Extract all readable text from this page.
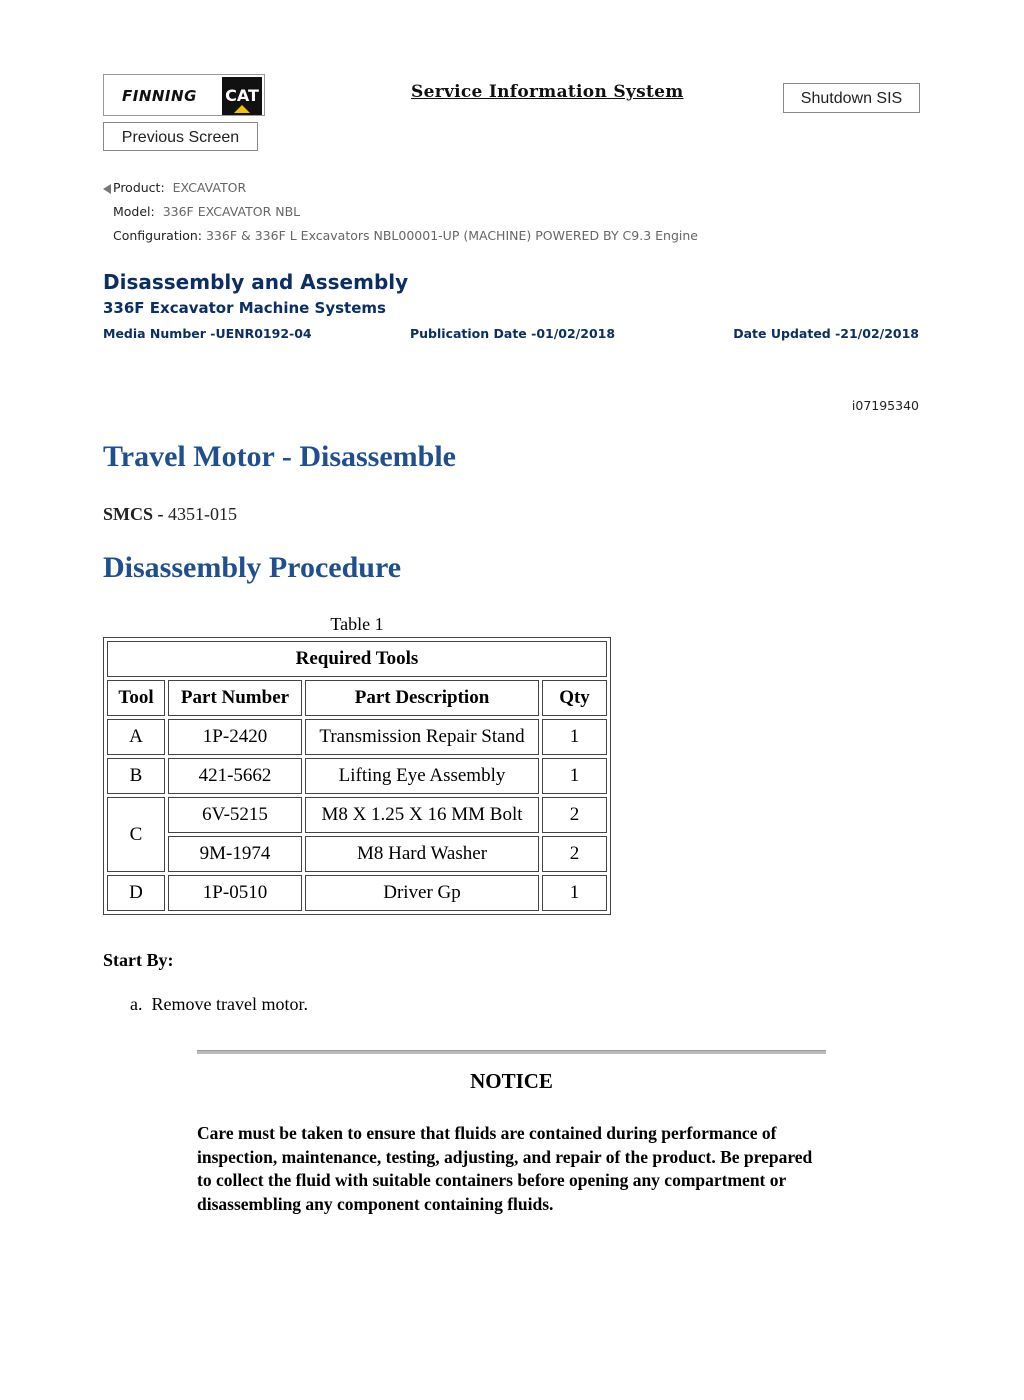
FINNING CAT	Service Information System	Shutdown SIS
Previous Screen
Product: EXCAVATOR
Model: 336F EXCAVATOR NBL
Configuration: 336F & 336F L Excavators NBL00001-UP (MACHINE) POWERED BY C9.3 Engine
Disassembly and Assembly
336F Excavator Machine Systems
Media Number -UENR0192-04	Publication Date -01/02/2018	Date Updated -21/02/2018
i07195340
Travel Motor - Disassemble
SMCS - 4351-015
Disassembly Procedure
Table 1
Required Tools			
Tool	Part Number	Part Description	Qty
A	1P-2420	Transmission Repair Stand	1
B	421-5662	Lifting Eye Assembly	1
C	6V-5215	M8 X 1.25 X 16 MM Bolt	2
	9M-1974	M8 Hard Washer	2
D	1P-0510	Driver Gp	1
Start By:
a.  Remove travel motor.
NOTICE
Care must be taken to ensure that fluids are contained during performance of inspection, maintenance, testing, adjusting, and repair of the product. Be prepared to collect the fluid with suitable containers before opening any compartment or disassembling any component containing fluids.
